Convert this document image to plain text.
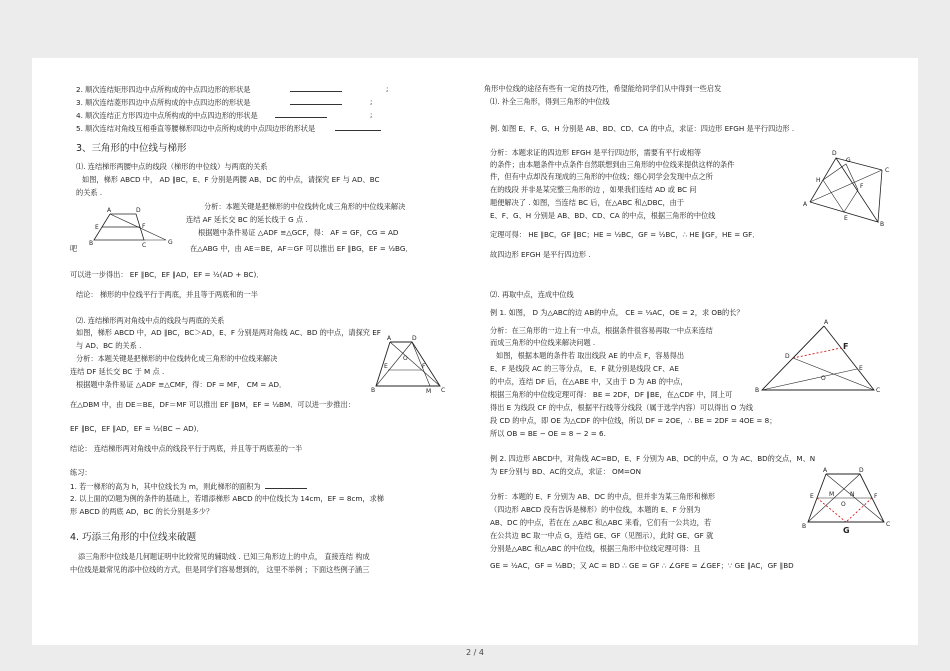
2. 顺次连结矩形四边中点所构成的中点四边形的形状是
3. 顺次连结菱形四边中点所构成的中点四边形的形状是
4. 顺次连结正方形四边中点所构成的中点四边形的形状是
5. 顺次连结对角线互相垂直等腰梯形四边中点所构成的中点四边形的形状是
;
;
;
3、三角形的中位线与梯形
⑴. 连结梯形两腰中点的线段（梯形的中位线）与两底的关系
如图，梯形 ABCD 中， AD ∥BC，E、F 分别是两腰 AB、DC 的中点，请探究 EF 与 AD、BC
的关系 .
A	D
E	F
B	C	G
分析：本题关键是把梯形的中位线转化成三角形的中位线来解决
连结 AF 延长交 BC 的延长线于 G 点 .
根据题中条件易证 △ADF ≌△GCF，得： AF = GF，CG = AD
吧	在△ABG 中，由 AE＝BE，AF＝GF 可以推出 EF ∥BG，EF = ½BG．
可以进一步得出： EF ∥BC，EF ∥AD，EF = ½(AD + BC)．
结论： 梯形的中位线平行于两底，并且等于两底和的一半
⑵. 连结梯形两对角线中点的线段与两底的关系
如图，梯形 ABCD 中，AD ∥BC，BC＞AD，E、F 分别是两对角线 AC、BD 的中点，请探究 EF
与 AD、BC 的关系 .
分析：本题关键是把梯形的中位线转化成三角形的中位线来解决
连结 DF 延长交 BC 于 M 点 .
根据题中条件易证 △ADF ≌△CMF，得：DF = MF， CM = AD．
在△DBM 中，由 DE＝BE，DF＝MF 可以推出 EF ∥BM，EF = ½BM．可以进一步推出：
EF ∥BC，EF ∥AD，EF = ½(BC − AD)．
结论： 连结梯形两对角线中点的线段平行于两底，并且等于两底差的一半
A	D
O
E	F
B	M C
练习：
1. 若一梯形的高为 h，其中位线长为 m，则此梯形的面积为
2. 以上面的⑵题为例的条件的基础上，若增添梯形 ABCD 的中位线长为 14cm，EF = 8cm，求梯
形 ABCD 的两底 AD，BC 的长分别是多少？
4. 巧添三角形的中位线来破题
添三角形中位线是几何题证明中比较常见的辅助线 . 已知三角形边上的中点， 直接连结 构成
中位线是最常见的添中位线的方式，但是同学们容易想到的， 这里不举例 ；下面这些例子涵三
角形中位线的途径有些有一定的技巧性，希望能给同学们从中得到一些启发
⑴. 补全三角形，得到三角形的中位线
例. 如图 E、F、G、H 分别是 AB、BD、CD、CA 的中点，求证：四边形 EFGH 是平行四边形 .
分析：本题求证的四边形 EFGH 是平行四边形，需要有平行或相等
的条件；由本题条件中点条件自然联想到由三角形的中位线来提供这样的条件
件，但有中点却没有现成的三角形的中位线；细心同学会发现中点之所
在的线段 并非是某完整三角形的边 ，如果我们连结 AD 或 BC 问
题便解决了 . 如图，当连结 BC 后，在△ABC 和△DBC，由于
E、F、G、H 分别是 AB、BD、CD、CA 的中点，根据三角形的中位线
定理可得： HE ∥BC，GF ∥BC；HE = ½BC，GF = ½BC，∴ HE ∥GF，HE = GF．
故四边形 EFGH 是平行四边形 .
D
G
C
H
F
A
E
B
⑵. 再取中点，连成中位线
例 1. 如图， D 为△ABC的边 AB的中点， CE = ⅓AC，OE = 2，求 OB的长？
分析：在三角形的一边上有一中点，根据条件很容易再取一中点来连结
而成三角形的中位线来解决问题 .
如图，根据本题的条件若 取出线段 AE 的中点 F，容易得出
E、F 是线段 AC 的三等分点， E、F 就分别是线段 CF、AE
的中点，连结 DF 后，在△ABE 中，又由于 D 为 AB 的中点，
根据三角形的中位线定理可得： BE = 2DF，DF ∥BE，在△CDF 中，同上可
得出 E 为线段 CF 的中点，根据平行线等分线段（属于选学内容）可以得出 O 为线
段 CD 的中点，即 OE 为△CDF 的中位线，所以 DF = 2OE，∴ BE = 2DF = 4OE = 8；
所以 OB = BE − OE = 8 − 2 = 6.
A
F
D
E
O
B	C
例 2. 四边形 ABCD中，对角线 AC=BD，E、F 分别为 AB、DC的中点，O 为 AC、BD的交点，M、N
为 EF分别与 BD、AC的交点，求证： OM=ON
分析：本题的 E、F 分别为 AB、DC 的中点，但并非为某三角形和梯形
（四边形 ABCD 没有告诉是梯形）的中位线，本题的 E、F 分别为
AB、DC 的中点，若在在 △ABC 和△ABC 来看，它们有一公共边，若
在公共边 BC 取一中点 G，连结 GE、GF（见图示），此时 GE、GF 就
分别是△ABC 和△ABC 的中位线，根据三角形中位线定理可得：且
GE = ½AC，GF = ½BD；又 AC = BD ∴ GE = GF ∴ ∠GFE = ∠GEF；∵ GE ∥AC，GF ∥BD
A	D
E	M	N	F
O
B	C
G
2 / 4
